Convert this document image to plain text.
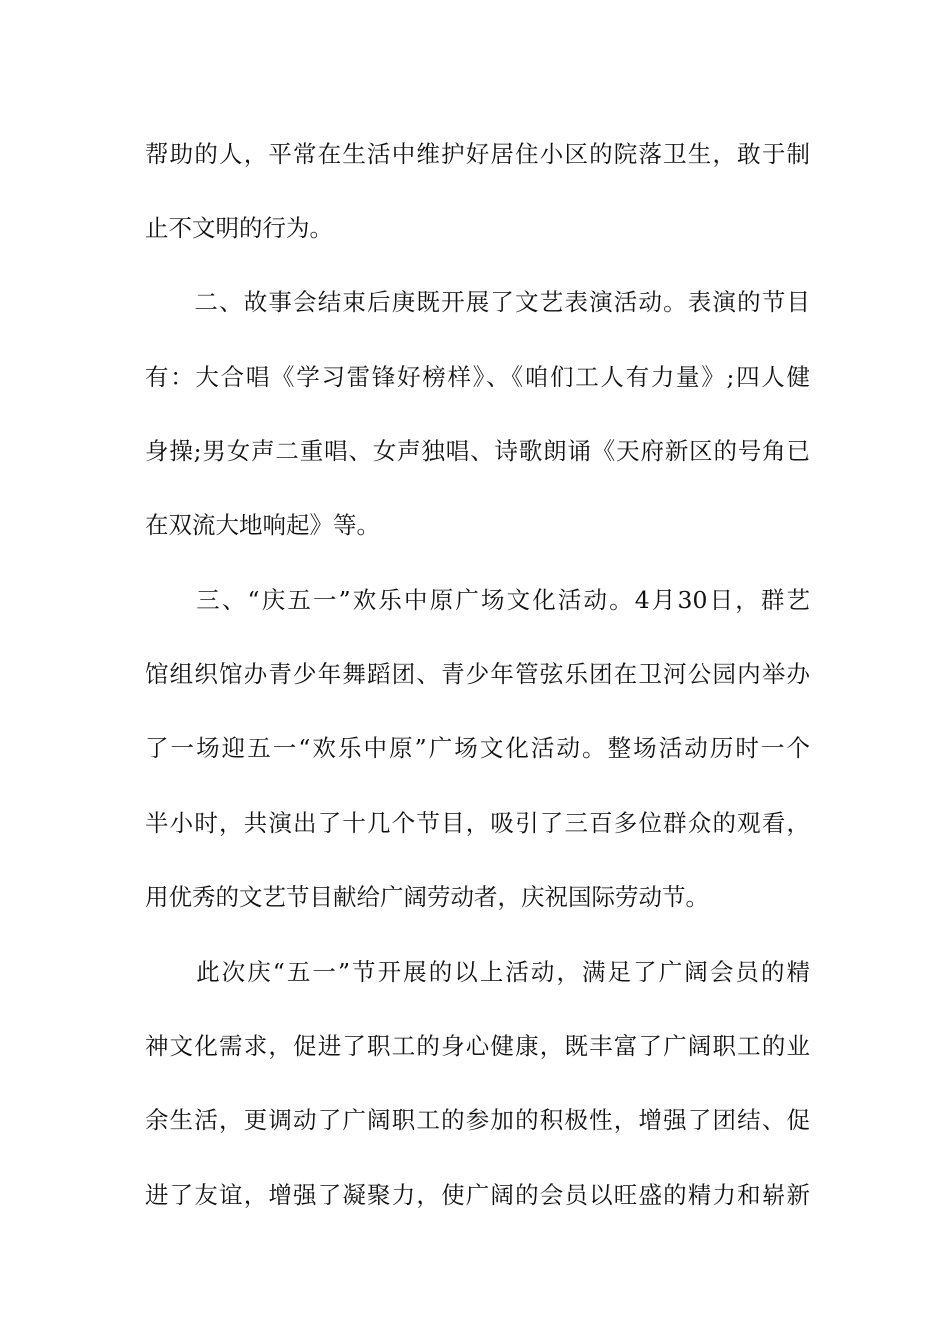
帮助的人，平常在生活中维护好居住小区的院落卫生，敢于制
止不文明的行为。
　　二、故事会结束后庚既开展了文艺表演活动。表演的节目
有：大合唱《学习雷锋好榜样》、《咱们工人有力量》;四人健
身操;男女声二重唱、女声独唱、诗歌朗诵《天府新区的号角已
在双流大地响起》等。
　　三、“庆五一”欢乐中原广场文化活动。4月30日，群艺
馆组织馆办青少年舞蹈团、青少年管弦乐团在卫河公园内举办
了一场迎五一“欢乐中原”广场文化活动。整场活动历时一个
半小时，共演出了十几个节目，吸引了三百多位群众的观看，
用优秀的文艺节目献给广阔劳动者，庆祝国际劳动节。
　　此次庆“五一”节开展的以上活动，满足了广阔会员的精
神文化需求，促进了职工的身心健康，既丰富了广阔职工的业
余生活，更调动了广阔职工的参加的积极性，增强了团结、促
进了友谊，增强了凝聚力，使广阔的会员以旺盛的精力和崭新
